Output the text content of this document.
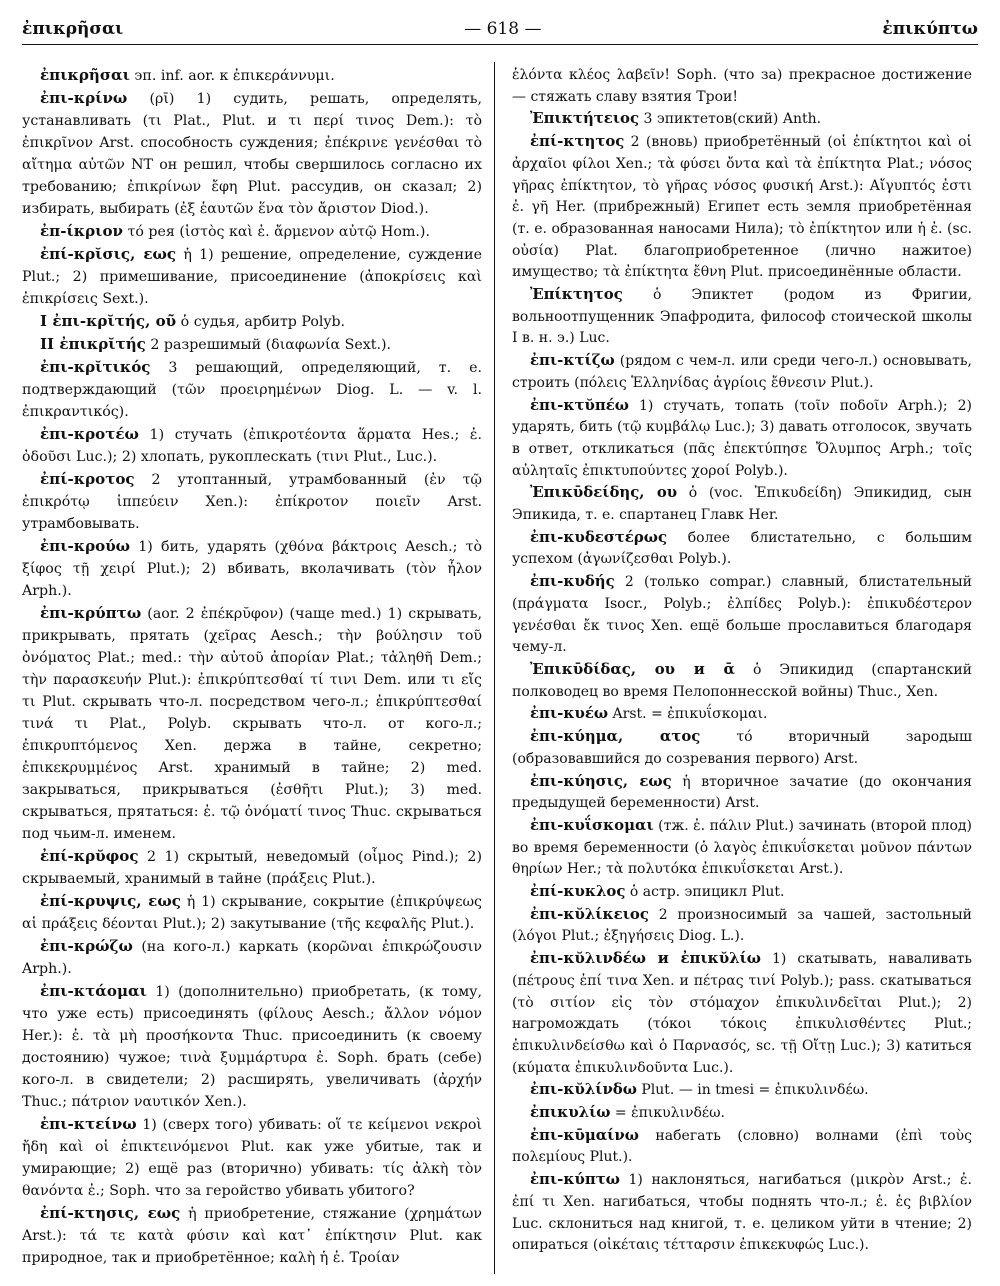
ἐπικρῆσαι	— 618 —	ἐπικύπτω

ἐπικρῆσαι эп. inf. aor. к ἐπικεράννυμι.

ἐπι-κρίνω (ρῑ) 1) судить, решать, определять, устанавливать (τι Plat., Plut. и τι περί τινος Dem.): τὸ ἐπικρῖνον Arst. способность суждения; ἐπέκρινε γενέσθαι τὸ αἴτημα αὐτῶν NT он решил, чтобы свершилось согласно их требованию; ἐπικρίνων ἔφη Plut. рассудив, он сказал; 2) избирать, выбирать (ἐξ ἑαυτῶν ἕνα τὸν ἄριστον Diod.).

ἐπ-ίκριον τό рея (ἱστὸς καὶ ἐ. ἄρμενον αὐτῷ Hom.).

ἐπί-κρῐσις, εως ἡ 1) решение, определение, суждение Plut.; 2) примешивание, присоединение (ἀποκρίσεις καὶ ἐπικρίσεις Sext.).

I ἐπι-κρῐτής, οῦ ὁ судья, арбитр Polyb.

II ἐπικρῐτής 2 разрешимый (διαφωνία Sext.).

ἐπι-κρῐτικός 3 решающий, определяющий, т. е. подтверждающий (τῶν προειρημένων Diog. L. — v. l. ἐπικραντικός).

ἐπι-κροτέω 1) стучать (ἐπικροτέοντα ἅρματα Hes.; ἐ. ὀδοῦσι Luc.); 2) хлопать, рукоплескать (τινι Plut., Luc.).

ἐπί-κροτος 2 утоптанный, утрамбованный (ἐν τῷ ἐπικρότῳ ἱππεύειν Xen.): ἐπίκροτον ποιεῖν Arst. утрамбовывать.

ἐπι-κρούω 1) бить, ударять (χθόνα βάκτροις Aesch.; τὸ ξίφος τῇ χειρί Plut.); 2) вбивать, вколачивать (τὸν ἧλον Arph.).

ἐπι-κρύπτω (aor. 2 ἐπέκρῠφον) (чаще med.) 1) скрывать, прикрывать, прятать (χεῖρας Aesch.; τὴν βούλησιν τοῦ ὀνόματος Plat.; med.: τὴν αὐτοῦ ἀπορίαν Plat.; τἀληθῆ Dem.; τὴν παρασκευήν Plut.): ἐπικρύπτεσθαί τί τινι Dem. или τι εἴς τι Plut. скрывать что-л. посредством чего-л.; ἐπικρύπτεσθαί τινά τι Plat., Polyb. скрывать что-л. от кого-л.; ἐπικρυπτόμενος Xen. держа в тайне, секретно; ἐπικεκρυμμένος Arst. хранимый в тайне; 2) med. закрываться, прикрываться (ἐσθῆτι Plut.); 3) med. скрываться, прятаться: ἐ. τῷ ὀνόματί τινος Thuc. скрываться под чьим-л. именем.

ἐπί-κρῠφος 2 1) скрытый, неведомый (οἶμος Pind.); 2) скрываемый, хранимый в тайне (πράξεις Plut.).

ἐπί-κρυψις, εως ἡ 1) скрывание, сокрытие (ἐπικρύψεως αἱ πράξεις δέονται Plut.); 2) закутывание (τῆς κεφαλῆς Plut.).

ἐπι-κρώζω (на кого-л.) каркать (κορῶναι ἐπικρώζουσιν Arph.).

ἐπι-κτάομαι 1) (дополнительно) приобретать, (к тому, что уже есть) присоединять (φίλους Aesch.; ἄλλον νόμον Her.): ἐ. τὰ μὴ προσήκοντα Thuc. присоединить (к своему достоянию) чужое; τινὰ ξυμμάρτυρα ἐ. Soph. брать (себе) кого-л. в свидетели; 2) расширять, увеличивать (ἀρχήν Thuc.; πάτριον ναυτικόν Xen.).

ἐπι-κτείνω 1) (сверх того) убивать: οἵ τε κείμενοι νεκροὶ ἤδη καὶ οἱ ἐπικτεινόμενοι Plut. как уже убитые, так и умирающие; 2) ещё раз (вторично) убивать: τίς ἀλκὴ τὸν θανόντα ἐ.; Soph. что за геройство убивать убитого?

ἐπί-κτησις, εως ἡ приобретение, стяжание (χρημάτων Arst.): τά τε κατὰ φύσιν καὶ κατ᾽ ἐπίκτησιν Plut. как природное, так и приобретённое; καλὴ ἡ ἐ. Τροίαν

ἑλόντα κλέος λαβεῖν! Soph. (что за) прекрасное достижение — стяжать славу взятия Трои!

Ἐπικτήτειος 3 эпиктетов(ский) Anth.

ἐπί-κτητος 2 (вновь) приобретённый (οἱ ἐπίκτητοι καὶ οἱ ἀρχαῖοι φίλοι Xen.; τὰ φύσει ὄντα καὶ τὰ ἐπίκτητα Plat.; νόσος γῆρας ἐπίκτητον, τὸ γῆρας νόσος φυσική Arst.): Αἴγυπτός ἐστι ἐ. γῆ Her. (прибрежный) Египет есть земля приобретённая (т. е. образованная наносами Нила); τὸ ἐπίκτητον или ἡ ἐ. (sc. οὐσία) Plat. благоприобретенное (лично нажитое) имущество; τὰ ἐπίκτητα ἔθνη Plut. присоединённые области.

Ἐπίκτητος ὁ Эпиктет (родом из Фригии, вольноотпущенник Эпафродита, философ стоической школы I в. н. э.) Luc.

ἐπι-κτίζω (рядом с чем-л. или среди чего-л.) основывать, строить (πόλεις Ἑλληνίδας ἀγρίοις ἔθνεσιν Plut.).

ἐπι-κτῠπέω 1) стучать, топать (τοῖν ποδοῖν Arph.); 2) ударять, бить (τῷ κυμβάλῳ Luc.); 3) давать отголосок, звучать в ответ, откликаться (πᾶς ἐπεκτύπησε Ὄλυμπος Arph.; τοῖς αὐληταῖς ἐπικτυπούντες χοροί Polyb.).

Ἐπικῡδείδης, ου ὁ (voc. Ἐπικυδείδη) Эпикидид, сын Эпикида, т. е. спартанец Главк Her.

ἐπι-κυδεστέρως более блистательно, с большим успехом (ἀγωνίζεσθαι Polyb.).

ἐπι-κυδής 2 (только compar.) славный, блистательный (πράγματα Isocr., Polyb.; ἐλπίδες Polyb.): ἐπικυδέστερον γενέσθαι ἔκ τινος Xen. ещё больше прославиться благодаря чему-л.

Ἐπικῡδίδας, ου и ᾱ ὁ Эпикидид (спартанский полководец во время Пелопоннесской войны) Thuc., Xen.

ἐπι-κυέω Arst. = ἐπικυΐσκομαι.

ἐπι-κύημα, ατος τό вторичный зародыш (образовавшийся до созревания первого) Arst.

ἐπι-κύησις, εως ἡ вторичное зачатие (до окончания предыдущей беременности) Arst.

ἐπι-κυΐσκομαι (тж. ἐ. πάλιν Plut.) зачинать (второй плод) во время беременности (ὁ λαγὸς ἐπικυΐσκεται μοῦνον πάντων θηρίων Her.; τὰ πολυτόκα ἐπικυΐσκεται Arst.).

ἐπί-κυκλος ὁ астр. эпицикл Plut.

ἐπι-κῠλίκειος 2 произносимый за чашей, застольный (λόγοι Plut.; ἐξηγήσεις Diog. L.).

ἐπι-κῠλινδέω и ἐπικῠλίω 1) скатывать, наваливать (πέτρους ἐπί τινα Xen. и πέτρας τινί Polyb.); pass. скатываться (τὸ σιτίον εἰς τὸν στόμαχον ἐπικυλινδεῖται Plut.); 2) нагромождать (τόκοι τόκοις ἐπικυλισθέντες Plut.; ἐπικυλινδείσθω καὶ ὁ Παρνασός, sc. τῇ Οἴτῃ Luc.); 3) катиться (κύματα ἐπικυλινδοῦντα Luc.).

ἐπι-κῠλίνδω Plut. — in tmesi = ἐπικυλινδέω.

ἐπικυλίω = ἐπικυλινδέω.

ἐπι-κῡμαίνω набегать (словно) волнами (ἐπὶ τοὺς πολεμίους Plut.).

ἐπι-κύπτω 1) наклоняться, нагибаться (μικρὸν Arst.; ἐ. ἐπί τι Xen. нагибаться, чтобы поднять что-л.; ἐ. ἐς βιβλίον Luc. склониться над книгой, т. е. целиком уйти в чтение; 2) опираться (οἰκέταις τέτταρσιν ἐπικεκυφώς Luc.).
